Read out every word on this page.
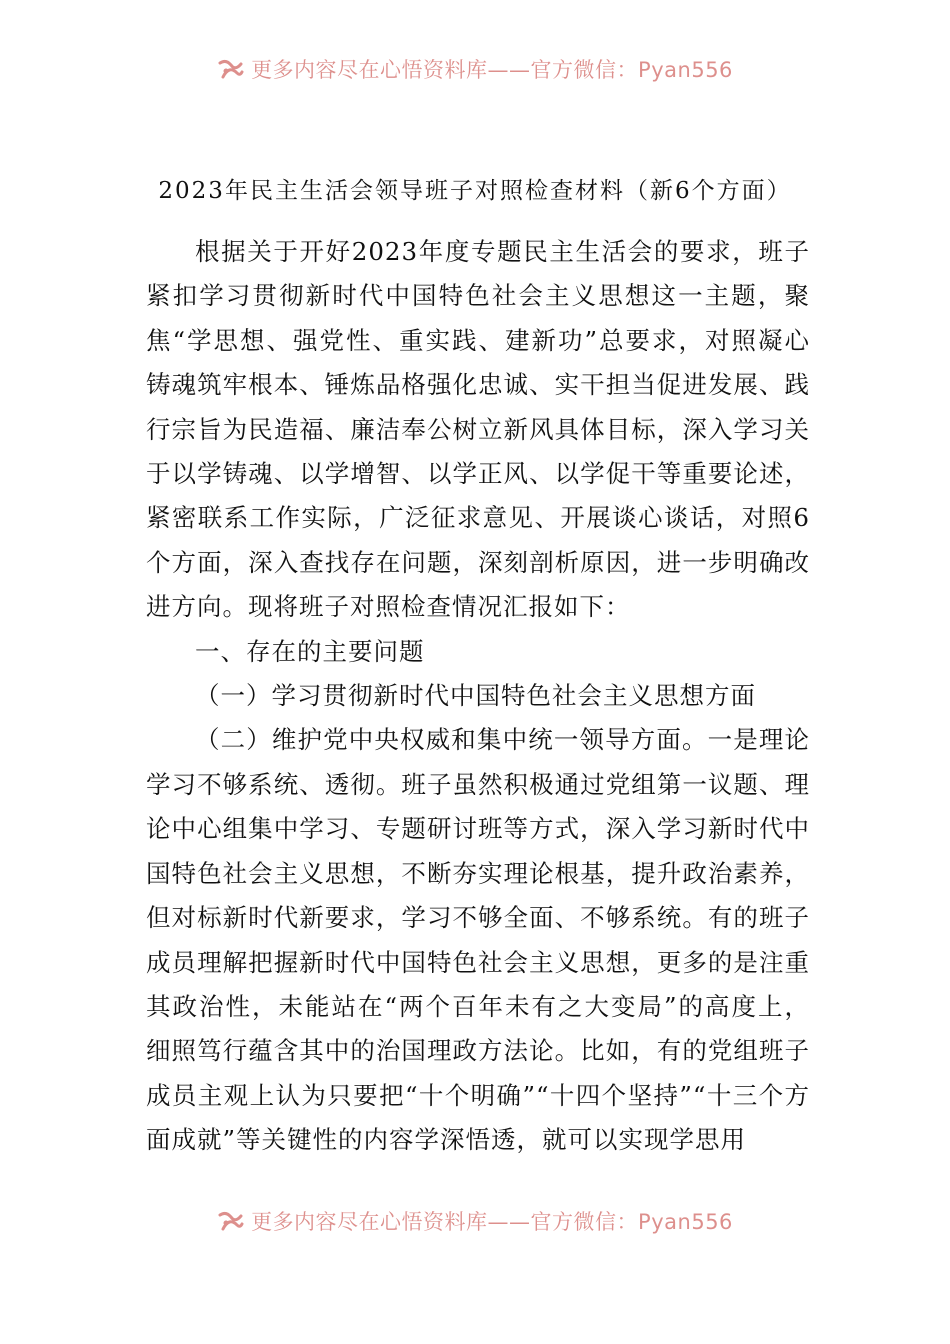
更多内容尽在心悟资料库——官方微信：Pyan556
2023年民主生活会领导班子对照检查材料（新6个方面）

根据关于开好2023年度专题民主生活会的要求，班子紧扣学习贯彻新时代中国特色社会主义思想这一主题，聚焦“学思想、强党性、重实践、建新功”总要求，对照凝心铸魂筑牢根本、锤炼品格强化忠诚、实干担当促进发展、践行宗旨为民造福、廉洁奉公树立新风具体目标，深入学习关于以学铸魂、以学增智、以学正风、以学促干等重要论述，紧密联系工作实际，广泛征求意见、开展谈心谈话，对照6个方面，深入查找存在问题，深刻剖析原因，进一步明确改进方向。现将班子对照检查情况汇报如下：

一、存在的主要问题

（一）学习贯彻新时代中国特色社会主义思想方面

（二）维护党中央权威和集中统一领导方面。一是理论学习不够系统、透彻。班子虽然积极通过党组第一议题、理论中心组集中学习、专题研讨班等方式，深入学习新时代中国特色社会主义思想，不断夯实理论根基，提升政治素养，但对标新时代新要求，学习不够全面、不够系统。有的班子成员理解把握新时代中国特色社会主义思想，更多的是注重其政治性，未能站在“两个百年未有之大变局”的高度上，细照笃行蕴含其中的治国理政方法论。比如，有的党组班子成员主观上认为只要把“十个明确”“十四个坚持”“十三个方面成就”等关键性的内容学深悟透，就可以实现学思用

更多内容尽在心悟资料库——官方微信：Pyan556
